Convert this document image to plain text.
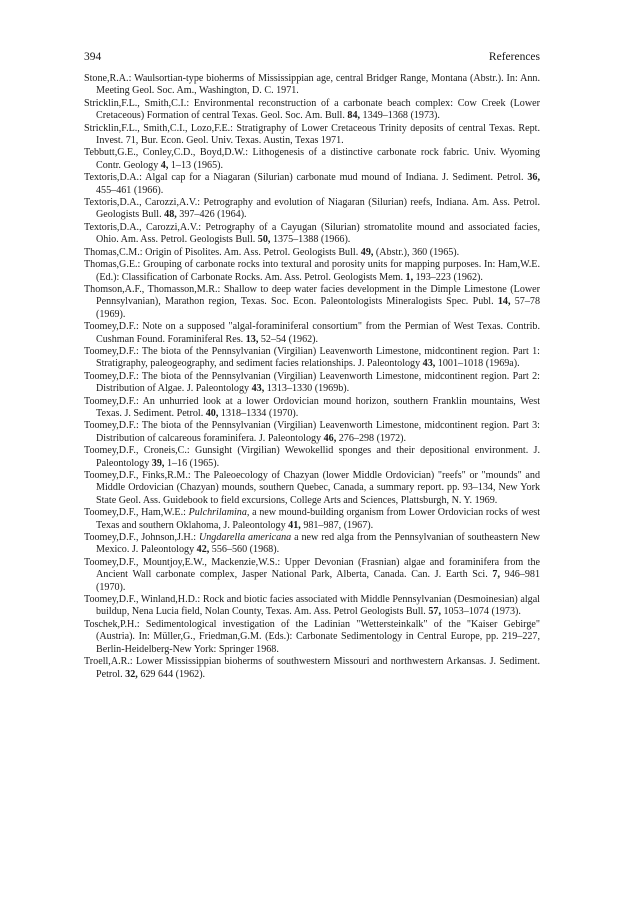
394	References
Stone,R.A.: Waulsortian-type bioherms of Mississippian age, central Bridger Range, Montana (Abstr.). In: Ann. Meeting Geol. Soc. Am., Washington, D. C. 1971.
Stricklin,F.L., Smith,C.I.: Environmental reconstruction of a carbonate beach complex: Cow Creek (Lower Cretaceous) Formation of central Texas. Geol. Soc. Am. Bull. 84, 1349–1368 (1973).
Stricklin,F.L., Smith,C.I., Lozo,F.E.: Stratigraphy of Lower Cretaceous Trinity deposits of central Texas. Rept. Invest. 71, Bur. Econ. Geol. Univ. Texas. Austin, Texas 1971.
Tebbutt,G.E., Conley,C.D., Boyd,D.W.: Lithogenesis of a distinctive carbonate rock fabric. Univ. Wyoming Contr. Geology 4, 1–13 (1965).
Textoris,D.A.: Algal cap for a Niagaran (Silurian) carbonate mud mound of Indiana. J. Sediment. Petrol. 36, 455–461 (1966).
Textoris,D.A., Carozzi,A.V.: Petrography and evolution of Niagaran (Silurian) reefs, Indiana. Am. Ass. Petrol. Geologists Bull. 48, 397–426 (1964).
Textoris,D.A., Carozzi,A.V.: Petrography of a Cayugan (Silurian) stromatolite mound and associated facies, Ohio. Am. Ass. Petrol. Geologists Bull. 50, 1375–1388 (1966).
Thomas,C.M.: Origin of Pisolites. Am. Ass. Petrol. Geologists Bull. 49, (Abstr.), 360 (1965).
Thomas,G.E.: Grouping of carbonate rocks into textural and porosity units for mapping purposes. In: Ham,W.E. (Ed.): Classification of Carbonate Rocks. Am. Ass. Petrol. Geologists Mem. 1, 193–223 (1962).
Thomson,A.F., Thomasson,M.R.: Shallow to deep water facies development in the Dimple Limestone (Lower Pennsylvanian), Marathon region, Texas. Soc. Econ. Paleontologists Mineralogists Spec. Publ. 14, 57–78 (1969).
Toomey,D.F.: Note on a supposed "algal-foraminiferal consortium" from the Permian of West Texas. Contrib. Cushman Found. Foraminiferal Res. 13, 52–54 (1962).
Toomey,D.F.: The biota of the Pennsylvanian (Virgilian) Leavenworth Limestone, midcontinent region. Part 1: Stratigraphy, paleogeography, and sediment facies relationships. J. Paleontology 43, 1001–1018 (1969a).
Toomey,D.F.: The biota of the Pennsylvanian (Virgilian) Leavenworth Limestone, midcontinent region. Part 2: Distribution of Algae. J. Paleontology 43, 1313–1330 (1969b).
Toomey,D.F.: An unhurried look at a lower Ordovician mound horizon, southern Franklin mountains, West Texas. J. Sediment. Petrol. 40, 1318–1334 (1970).
Toomey,D.F.: The biota of the Pennsylvanian (Virgilian) Leavenworth Limestone, midcontinent region. Part 3: Distribution of calcareous foraminifera. J. Paleontology 46, 276–298 (1972).
Toomey,D.F., Croneis,C.: Gunsight (Virgilian) Wewokellid sponges and their depositional environment. J. Paleontology 39, 1–16 (1965).
Toomey,D.F., Finks,R.M.: The Paleoecology of Chazyan (lower Middle Ordovician) "reefs" or "mounds" and Middle Ordovician (Chazyan) mounds, southern Quebec, Canada, a summary report. pp. 93–134, New York State Geol. Ass. Guidebook to field excursions, College Arts and Sciences, Plattsburgh, N. Y. 1969.
Toomey,D.F., Ham,W.E.: Pulchrilamina, a new mound-building organism from Lower Ordovician rocks of west Texas and southern Oklahoma, J. Paleontology 41, 981–987, (1967).
Toomey,D.F., Johnson,J.H.: Ungdarella americana a new red alga from the Pennsylvanian of southeastern New Mexico. J. Paleontology 42, 556–560 (1968).
Toomey,D.F., Mountjoy,E.W., Mackenzie,W.S.: Upper Devonian (Frasnian) algae and foraminifera from the Ancient Wall carbonate complex, Jasper National Park, Alberta, Canada. Can. J. Earth Sci. 7, 946–981 (1970).
Toomey,D.F., Winland,H.D.: Rock and biotic facies associated with Middle Pennsylvanian (Desmoinesian) algal buildup, Nena Lucia field, Nolan County, Texas. Am. Ass. Petrol Geologists Bull. 57, 1053–1074 (1973).
Toschek,P.H.: Sedimentological investigation of the Ladinian "Wettersteinkalk" of the "Kaiser Gebirge" (Austria). In: Müller,G., Friedman,G.M. (Eds.): Carbonate Sedimentology in Central Europe, pp. 219–227, Berlin-Heidelberg-New York: Springer 1968.
Troell,A.R.: Lower Mississippian bioherms of southwestern Missouri and northwestern Arkansas. J. Sediment. Petrol. 32, 629 644 (1962).
